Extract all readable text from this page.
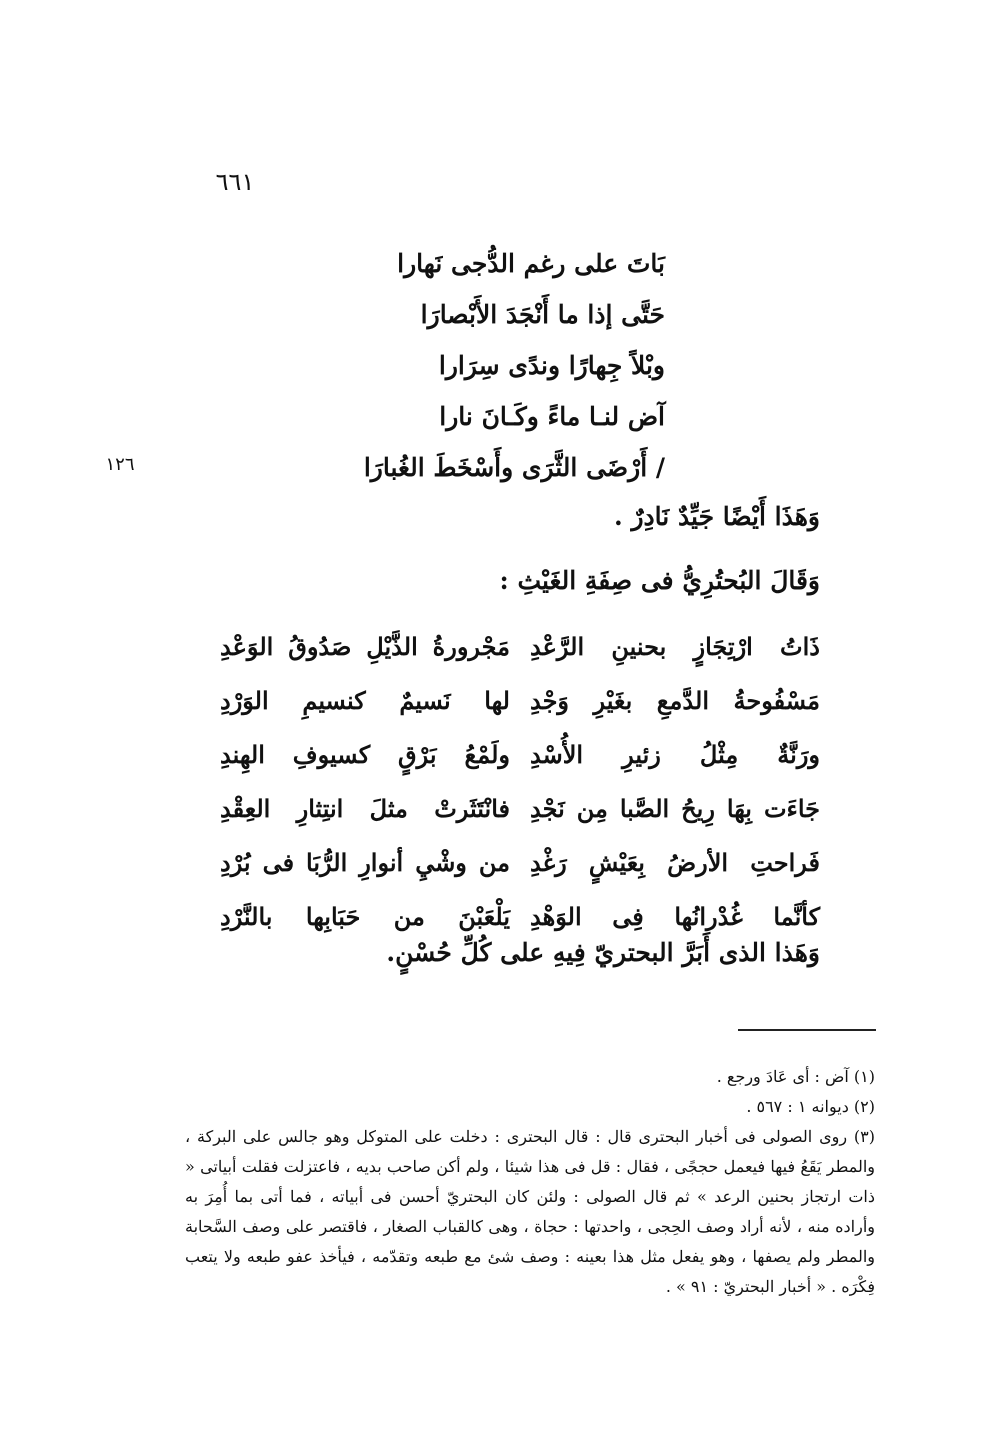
٦٦١
١٢٦
بَاتَ على رغم الدُّجى نَهارا
حَتَّى إذا ما أَنْجَدَ الأَبْصارَا
وبْلاً جِهارًا وندًى سِرَارا
آض لنـا ماءً وكَـانَ نارا
/ أَرْضَى الثَّرَى وأَسْخَطَ الغُبارَا
وَهَذَا أَيْضًا جَيِّدٌ نَادِرٌ .
وَقَالَ البُحتُرِيُّ فى صِفَةِ الغَيْثِ :
ذَاتُ ارْتِجَازٍ بحنينِ الرَّعْدِ
مَجْرورةُ الذَّيْلِ صَدُوقُ الوَعْدِ
مَسْفُوحةُ الدَّمعِ بغَيْرِ وَجْدِ
لها نَسيمٌ كنسيمِ الوَرْدِ
ورَنَّةٌ مِثْلُ زئيرِ الأُسْدِ
ولَمْعُ بَرْقٍ كسيوفِ الهِندِ
جَاءَت بِهَا رِيحُ الصَّبا مِن نَجْدِ
فانْتَثَرتْ مثلَ انتِثارِ العِقْدِ
فَراحتِ الأرضُ بِعَيْشٍ رَغْدِ
من وشْيِ أنوارِ الرُّبَا فى بُرْدِ
كأنَّما غُدْرانُها فِى الوَهْدِ
يَلْعَبْنَ من حَبَابِها بالنَّرْدِ
وَهَذا الذى أَبَرَّ البحتريّ فِيهِ على كُلِّ حُسْنٍ.
(١) آض : أى عَادَ ورجع .
(٢) ديوانه ١ : ٥٦٧ .
(٣) روى الصولى فى أخبار البحترى قال : قال البحترى : دخلت على المتوكل وهو جالس على البركة ، والمطر يَقَعُ فيها فيعمل حججًى ، فقال : قل فى هذا شيئا ، ولم أكن صاحب بديه ، فاعتزلت فقلت أبياتى « ذات ارتجاز بحنين الرعد » ثم قال الصولى : ولئن كان البحتريّ أحسن فى أبياته ، فما أتى بما أُمِرَ به وأراده منه ، لأنه أراد وصف الحِجى ، واحدتها : حجاة ، وهى كالقباب الصغار ، فاقتصر على وصف السَّحابة والمطر ولم يصفها ، وهو يفعل مثل هذا بعينه : وصف شئ مع طبعه وتقدّمه ، فيأخذ عفو طبعه ولا يتعب فِكْرَه . « أخبار البحتريّ : ٩١ » .
